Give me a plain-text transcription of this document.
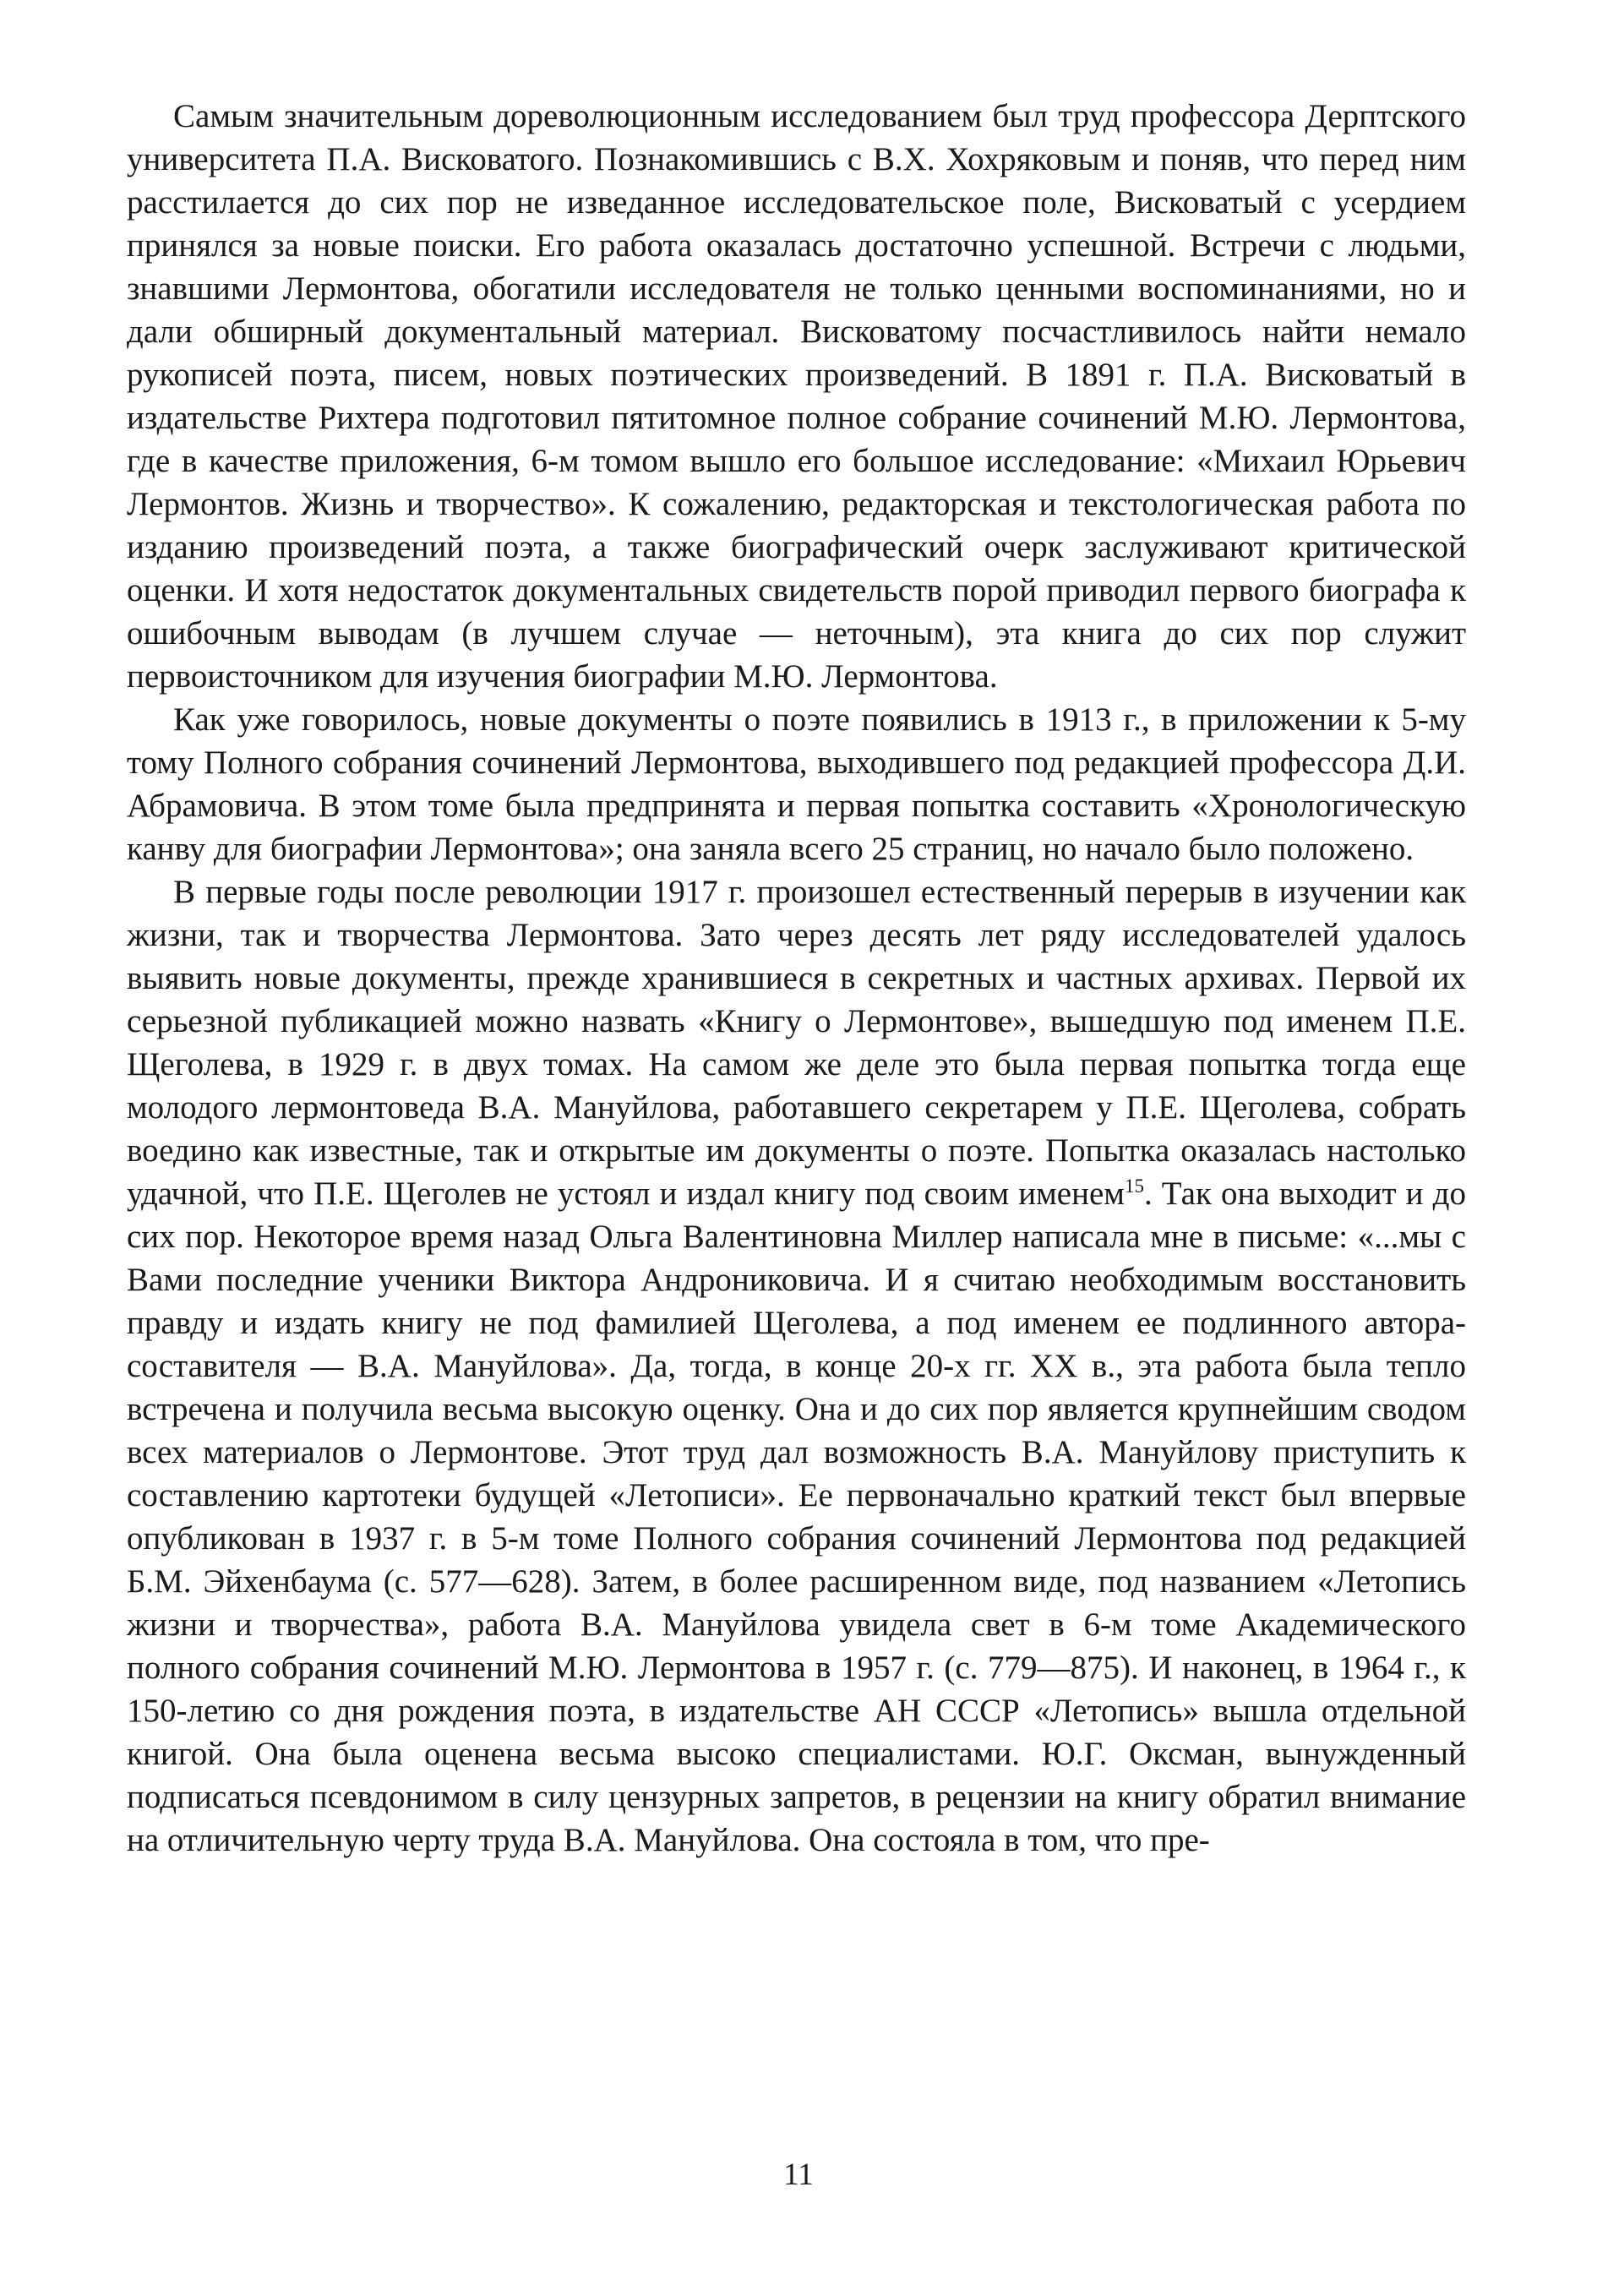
Самым значительным дореволюционным исследованием был труд профессора Дерптского университета П.А. Висковатого. Познакомившись с В.Х. Хохряковым и поняв, что перед ним расстилается до сих пор не изведанное исследовательское поле, Висковатый с усердием принялся за новые поиски. Его работа оказалась достаточно успешной. Встречи с людьми, знавшими Лермонтова, обогатили исследователя не только ценными воспоминаниями, но и дали обширный документальный материал. Висковатому посчастливилось найти немало рукописей поэта, писем, новых поэтических произведений. В 1891 г. П.А. Висковатый в издательстве Рихтера подготовил пятитомное полное собрание сочинений М.Ю. Лермонтова, где в качестве приложения, 6-м томом вышло его большое исследование: «Михаил Юрьевич Лермонтов. Жизнь и творчество». К сожалению, редакторская и текстологическая работа по изданию произведений поэта, а также биографический очерк заслуживают критической оценки. И хотя недостаток документальных свидетельств порой приводил первого биографа к ошибочным выводам (в лучшем случае — неточным), эта книга до сих пор служит первоисточником для изучения биографии М.Ю. Лермонтова.

Как уже говорилось, новые документы о поэте появились в 1913 г., в приложении к 5-му тому Полного собрания сочинений Лермонтова, выходившего под редакцией профессора Д.И. Абрамовича. В этом томе была предпринята и первая попытка составить «Хронологическую канву для биографии Лермонтова»; она заняла всего 25 страниц, но начало было положено.

В первые годы после революции 1917 г. произошел естественный перерыв в изучении как жизни, так и творчества Лермонтова. Зато через десять лет ряду исследователей удалось выявить новые документы, прежде хранившиеся в секретных и частных архивах. Первой их серьезной публикацией можно назвать «Книгу о Лермонтове», вышедшую под именем П.Е. Щеголева, в 1929 г. в двух томах. На самом же деле это была первая попытка тогда еще молодого лермонтоведа В.А. Мануйлова, работавшего секретарем у П.Е. Щеголева, собрать воедино как известные, так и открытые им документы о поэте. Попытка оказалась настолько удачной, что П.Е. Щеголев не устоял и издал книгу под своим именем$^{15}$. Так она выходит и до сих пор. Некоторое время назад Ольга Валентиновна Миллер написала мне в письме: «...мы с Вами последние ученики Виктора Андрониковича. И я считаю необходимым восстановить правду и издать книгу не под фамилией Щеголева, а под именем ее подлинного автора-составителя — В.А. Мануйлова». Да, тогда, в конце 20-х гг. XX в., эта работа была тепло встречена и получила весьма высокую оценку. Она и до сих пор является крупнейшим сводом всех материалов о Лермонтове. Этот труд дал возможность В.А. Мануйлову приступить к составлению картотеки будущей «Летописи». Ее первоначально краткий текст был впервые опубликован в 1937 г. в 5-м томе Полного собрания сочинений Лермонтова под редакцией Б.М. Эйхенбаума (с. 577—628). Затем, в более расширенном виде, под названием «Летопись жизни и творчества», работа В.А. Мануйлова увидела свет в 6-м томе Академического полного собрания сочинений М.Ю. Лермонтова в 1957 г. (с. 779—875). И наконец, в 1964 г., к 150-летию со дня рождения поэта, в издательстве АН СССР «Летопись» вышла отдельной книгой. Она была оценена весьма высоко специалистами. Ю.Г. Оксман, вынужденный подписаться псевдонимом в силу цензурных запретов, в рецензии на книгу обратил внимание на отличительную черту труда В.А. Мануйлова. Она состояла в том, что пре-

11
